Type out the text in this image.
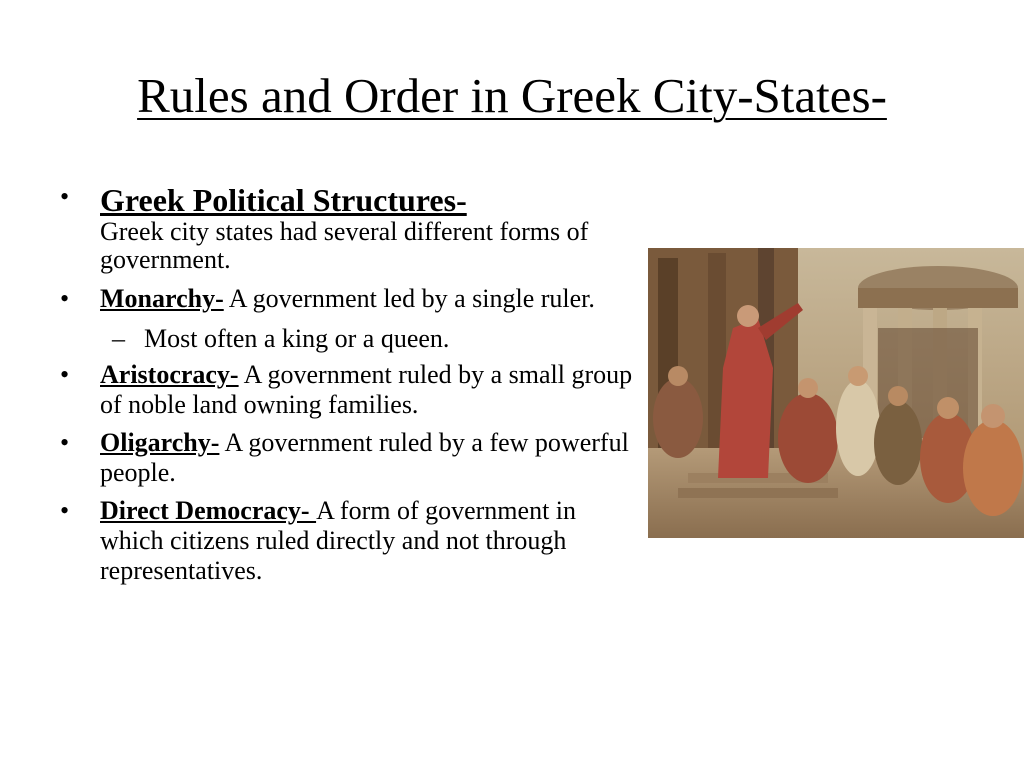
Rules and Order in Greek City-States-
• Greek Political Structures-
Greek city states had several different forms of government.
• Monarchy- A government led by a single ruler.
– Most often a king or a queen.
• Aristocracy- A government ruled by a small group of noble land owning families.
• Oligarchy- A government ruled by a few powerful people.
• Direct Democracy- A form of government in which citizens ruled directly and not through representatives.
